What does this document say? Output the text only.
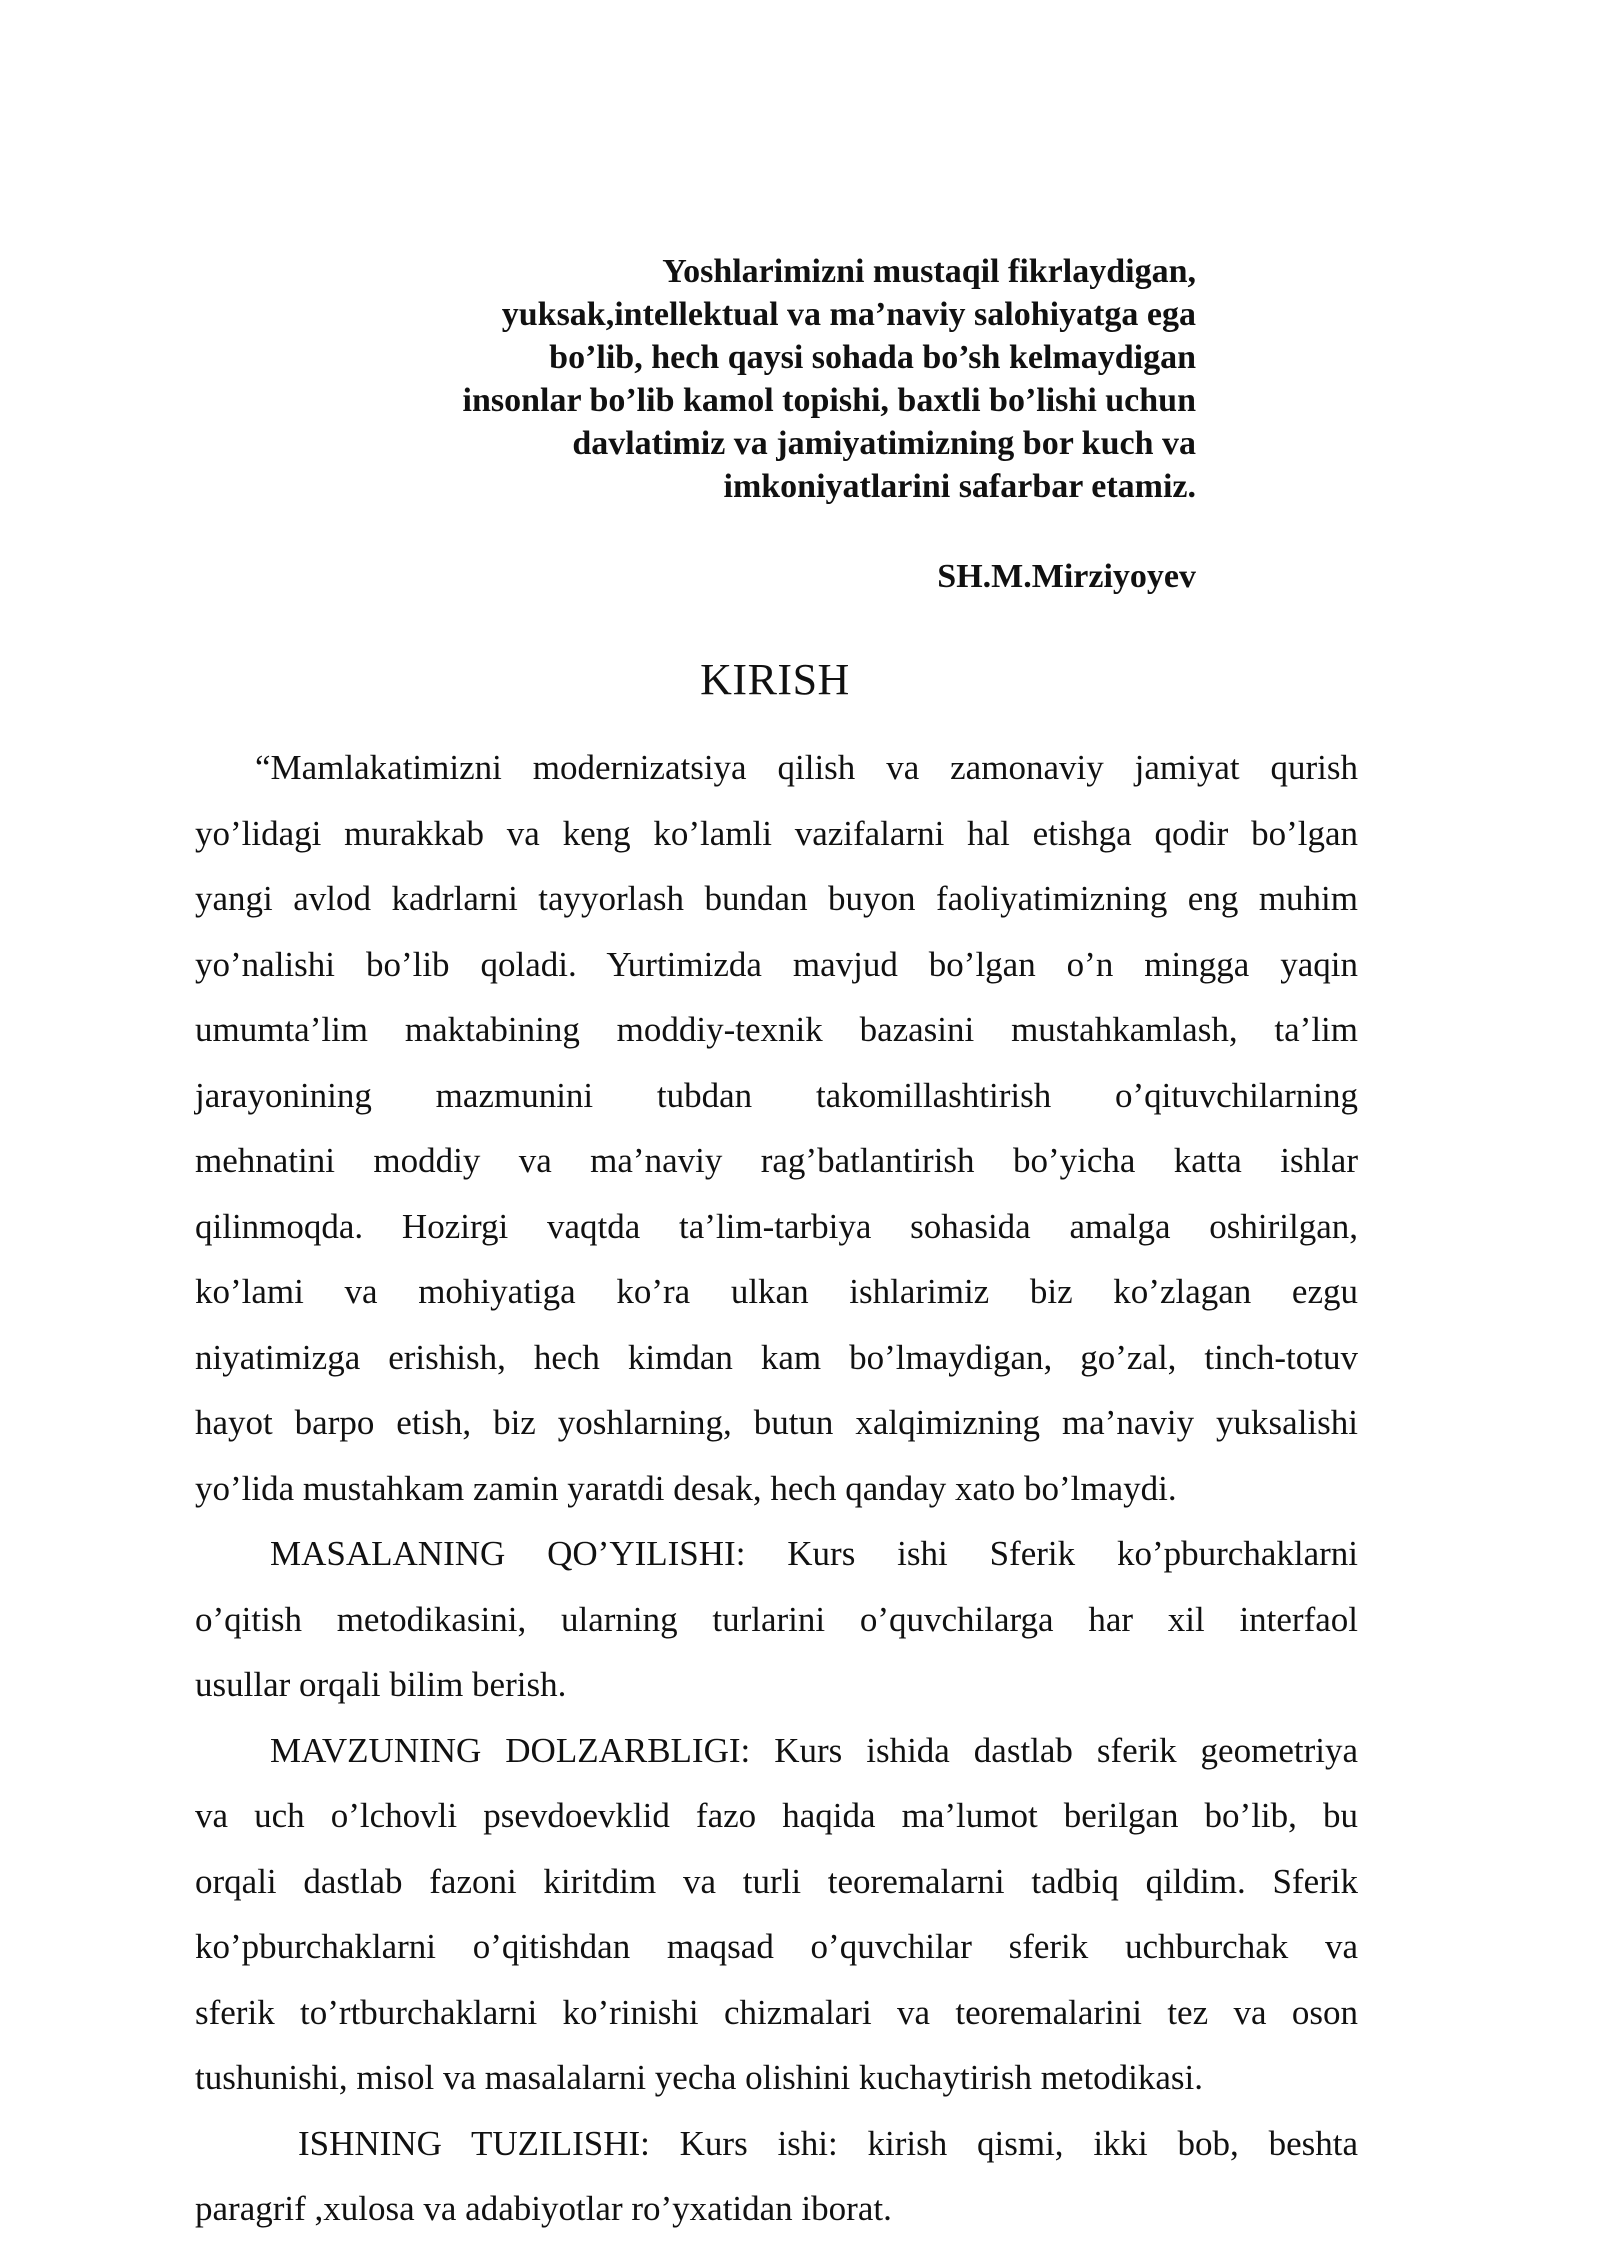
Yoshlarimizni mustaqil fikrlaydigan,
yuksak,intellektual va ma’naviy salohiyatga ega
bo’lib, hech qaysi sohada bo’sh kelmaydigan
insonlar bo’lib kamol topishi, baxtli bo’lishi uchun
davlatimiz va jamiyatimizning bor kuch va
imkoniyatlarini safarbar etamiz.
SH.M.Mirziyoyev
KIRISH
“Mamlakatimizni modernizatsiya qilish va zamonaviy jamiyat qurish
yo’lidagi murakkab va keng ko’lamli vazifalarni hal etishga qodir bo’lgan
yangi avlod kadrlarni tayyorlash bundan buyon faoliyatimizning eng muhim
yo’nalishi bo’lib qoladi. Yurtimizda mavjud bo’lgan o’n mingga yaqin
umumta’lim maktabining moddiy-texnik bazasini mustahkamlash, ta’lim
jarayonining mazmunini tubdan takomillashtirish o’qituvchilarning
mehnatini moddiy va ma’naviy rag’batlantirish bo’yicha katta ishlar
qilinmoqda. Hozirgi vaqtda ta’lim-tarbiya sohasida amalga oshirilgan,
ko’lami va mohiyatiga ko’ra ulkan ishlarimiz biz ko’zlagan ezgu
niyatimizga erishish, hech kimdan kam bo’lmaydigan, go’zal, tinch-totuv
hayot barpo etish, biz yoshlarning, butun xalqimizning ma’naviy yuksalishi
yo’lida mustahkam zamin yaratdi desak, hech qanday xato bo’lmaydi.
MASALANING QO’YILISHI: Kurs ishi Sferik ko’pburchaklarni
o’qitish metodikasini, ularning turlarini o’quvchilarga har xil interfaol
usullar orqali bilim berish.
MAVZUNING DOLZARBLIGI: Kurs ishida dastlab sferik geometriya
va uch o’lchovli psevdoevklid fazo haqida ma’lumot berilgan bo’lib, bu
orqali dastlab fazoni kiritdim va turli teoremalarni tadbiq qildim. Sferik
ko’pburchaklarni o’qitishdan maqsad o’quvchilar sferik uchburchak va
sferik to’rtburchaklarni ko’rinishi chizmalari va teoremalarini tez va oson
tushunishi, misol va masalalarni yecha olishini kuchaytirish metodikasi.
ISHNING TUZILISHI: Kurs ishi: kirish qismi, ikki bob, beshta
paragrif ,xulosa va adabiyotlar ro’yxatidan iborat.
